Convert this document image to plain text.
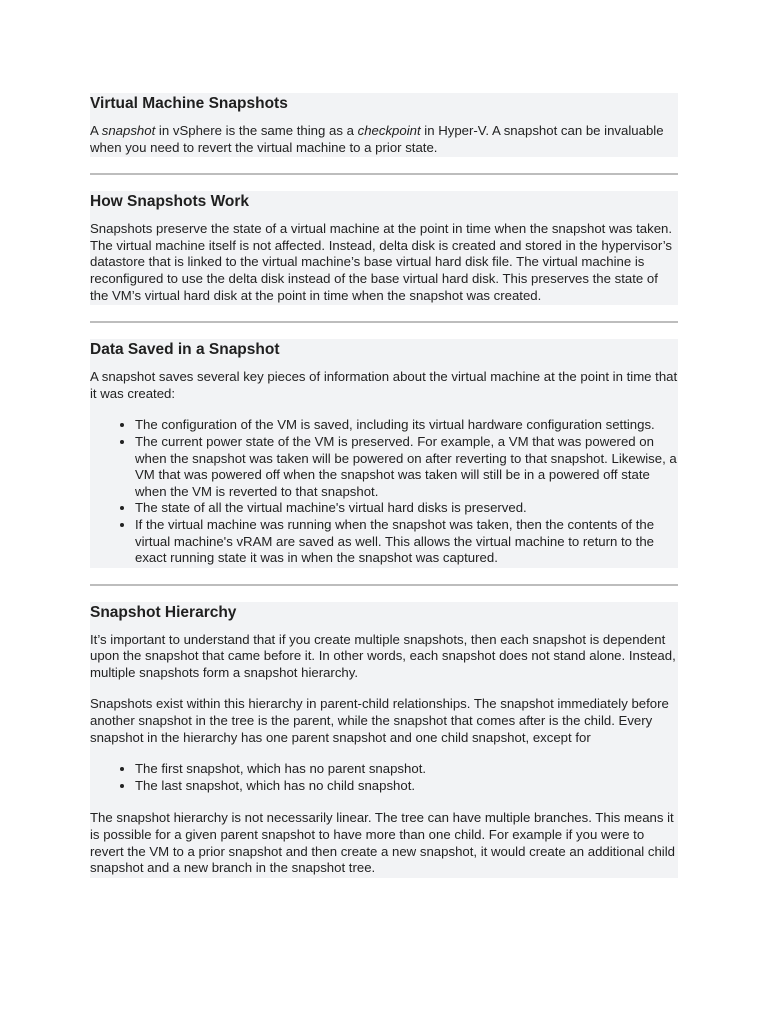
Virtual Machine Snapshots

A snapshot in vSphere is the same thing as a checkpoint in Hyper-V. A snapshot can be invaluable when you need to revert the virtual machine to a prior state.

How Snapshots Work

Snapshots preserve the state of a virtual machine at the point in time when the snapshot was taken. The virtual machine itself is not affected. Instead, delta disk is created and stored in the hypervisor’s datastore that is linked to the virtual machine’s base virtual hard disk file. The virtual machine is reconfigured to use the delta disk instead of the base virtual hard disk. This preserves the state of the VM’s virtual hard disk at the point in time when the snapshot was created.

Data Saved in a Snapshot

A snapshot saves several key pieces of information about the virtual machine at the point in time that it was created:

• The configuration of the VM is saved, including its virtual hardware configuration settings.
• The current power state of the VM is preserved. For example, a VM that was powered on when the snapshot was taken will be powered on after reverting to that snapshot. Likewise, a VM that was powered off when the snapshot was taken will still be in a powered off state when the VM is reverted to that snapshot.
• The state of all the virtual machine's virtual hard disks is preserved.
• If the virtual machine was running when the snapshot was taken, then the contents of the virtual machine's vRAM are saved as well. This allows the virtual machine to return to the exact running state it was in when the snapshot was captured.
Snapshot Hierarchy

It’s important to understand that if you create multiple snapshots, then each snapshot is dependent upon the snapshot that came before it. In other words, each snapshot does not stand alone. Instead, multiple snapshots form a snapshot hierarchy.

Snapshots exist within this hierarchy in parent-child relationships. The snapshot immediately before another snapshot in the tree is the parent, while the snapshot that comes after is the child. Every snapshot in the hierarchy has one parent snapshot and one child snapshot, except for

• The first snapshot, which has no parent snapshot.
• The last snapshot, which has no child snapshot.

The snapshot hierarchy is not necessarily linear. The tree can have multiple branches. This means it is possible for a given parent snapshot to have more than one child. For example if you were to revert the VM to a prior snapshot and then create a new snapshot, it would create an additional child snapshot and a new branch in the snapshot tree.
